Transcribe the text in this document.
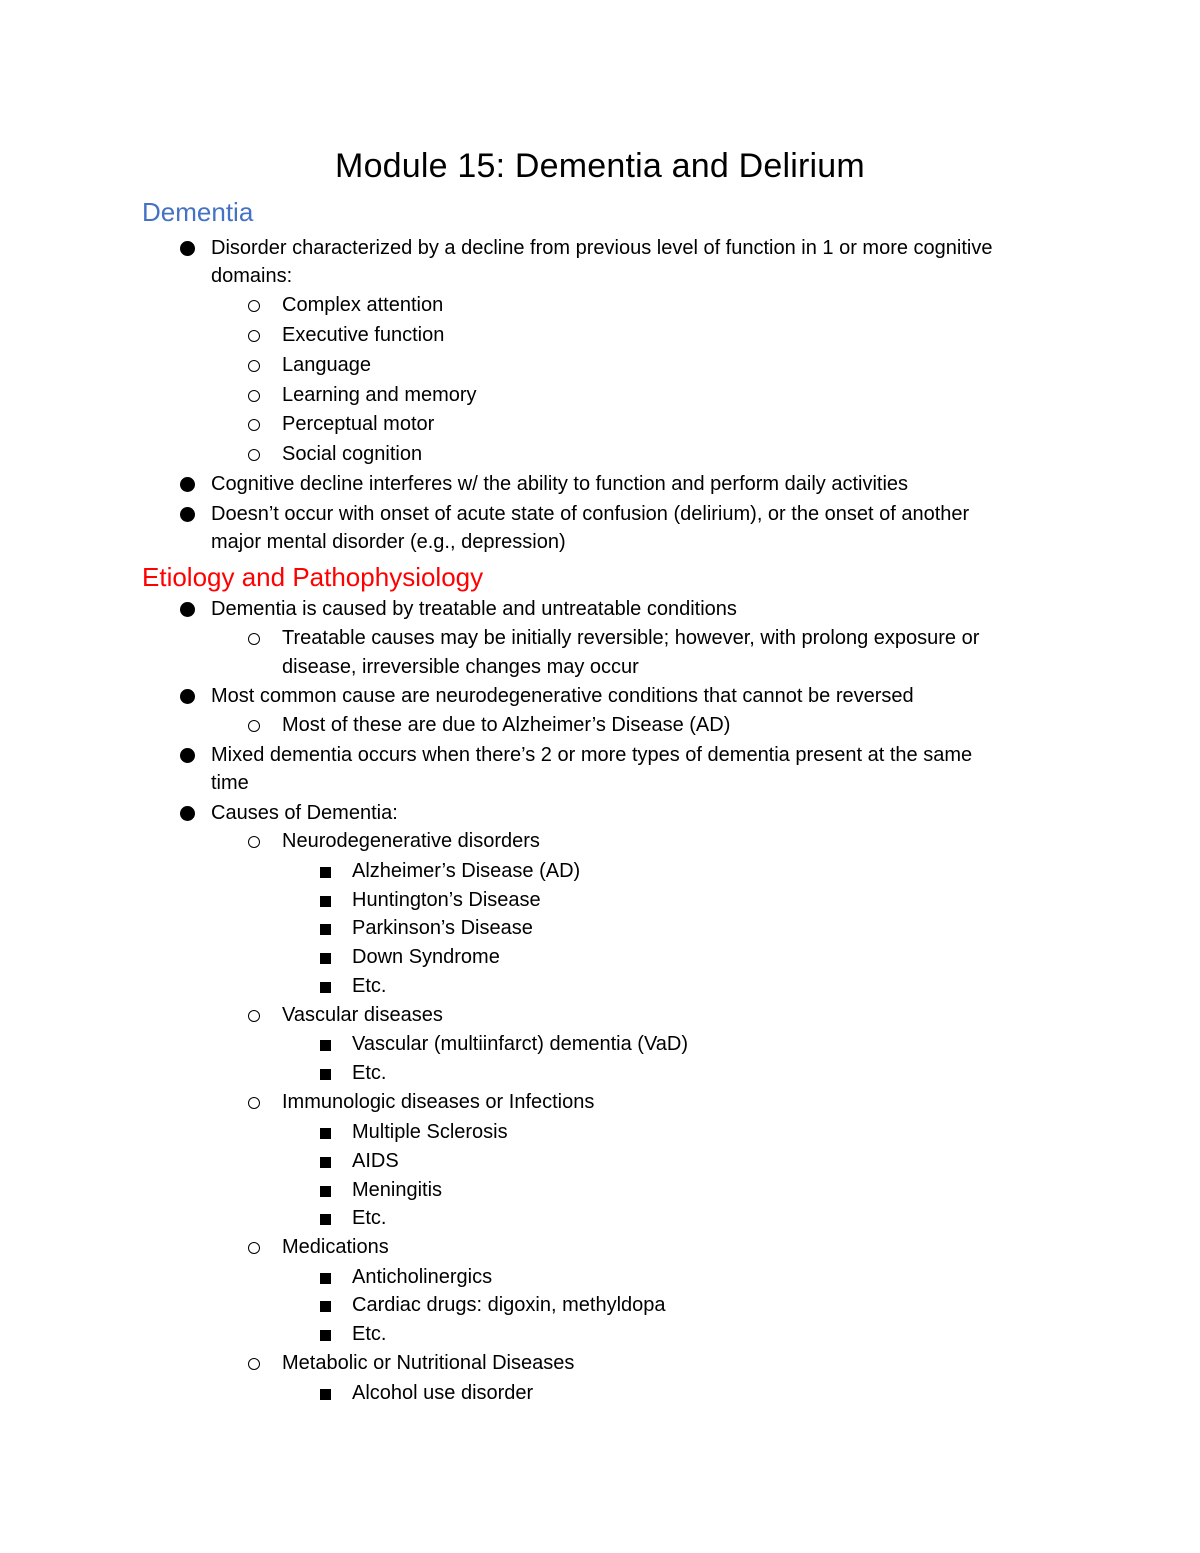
Module 15: Dementia and Delirium
Dementia
Disorder characterized by a decline from previous level of function in 1 or more cognitive
domains:
Complex attention
Executive function
Language
Learning and memory
Perceptual motor
Social cognition
Cognitive decline interferes w/ the ability to function and perform daily activities
Doesn’t occur with onset of acute state of confusion (delirium), or the onset of another
major mental disorder (e.g., depression)
Etiology and Pathophysiology
Dementia is caused by treatable and untreatable conditions
Treatable causes may be initially reversible; however, with prolong exposure or
disease, irreversible changes may occur
Most common cause are neurodegenerative conditions that cannot be reversed
Most of these are due to Alzheimer’s Disease (AD)
Mixed dementia occurs when there’s 2 or more types of dementia present at the same
time
Causes of Dementia:
Neurodegenerative disorders
Alzheimer’s Disease (AD)
Huntington’s Disease
Parkinson’s Disease
Down Syndrome
Etc.
Vascular diseases
Vascular (multiinfarct) dementia (VaD)
Etc.
Immunologic diseases or Infections
Multiple Sclerosis
AIDS
Meningitis
Etc.
Medications
Anticholinergics
Cardiac drugs: digoxin, methyldopa
Etc.
Metabolic or Nutritional Diseases
Alcohol use disorder
